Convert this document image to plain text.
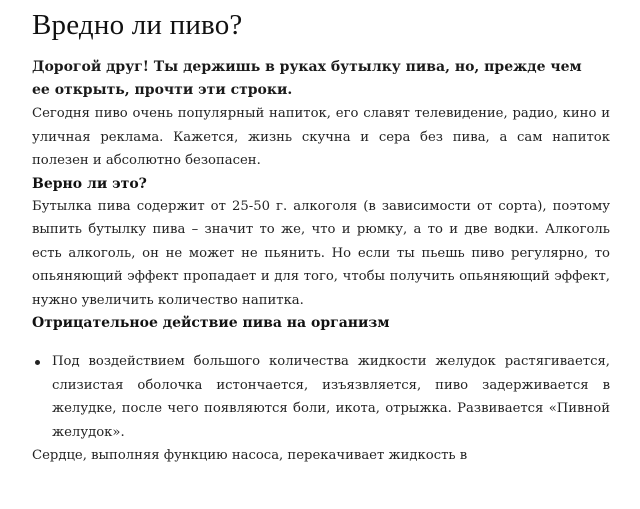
Вредно ли пиво?
Дорогой друг! Ты держишь в руках бутылку пива, но, прежде чем ее открыть, прочти эти строки.

Сегодня пиво очень популярный напиток, его славят телевидение, радио, кино и уличная реклама. Кажется, жизнь скучна и сера без пива, а сам напиток полезен и абсолютно безопасен.

Верно ли это?

Бутылка пива содержит от 25-50 г. алкоголя (в зависимости от сорта), поэтому выпить бутылку пива – значит то же, что и рюмку, а то и две водки. Алкоголь есть алкоголь, он не может не пьянить. Но если ты пьешь пиво регулярно, то опьяняющий эффект пропадает и для того, чтобы получить опьяняющий эффект, нужно увеличить количество напитка.

Отрицательное действие пива на организм
Под воздействием большого количества жидкости желудок растягивается, слизистая оболочка истончается, изъязвляется, пиво задерживается в желудке, после чего появляются боли, икота, отрыжка. Развивается «Пивной желудок».

Сердце, выполняя функцию насоса, перекачивает жидкость в
